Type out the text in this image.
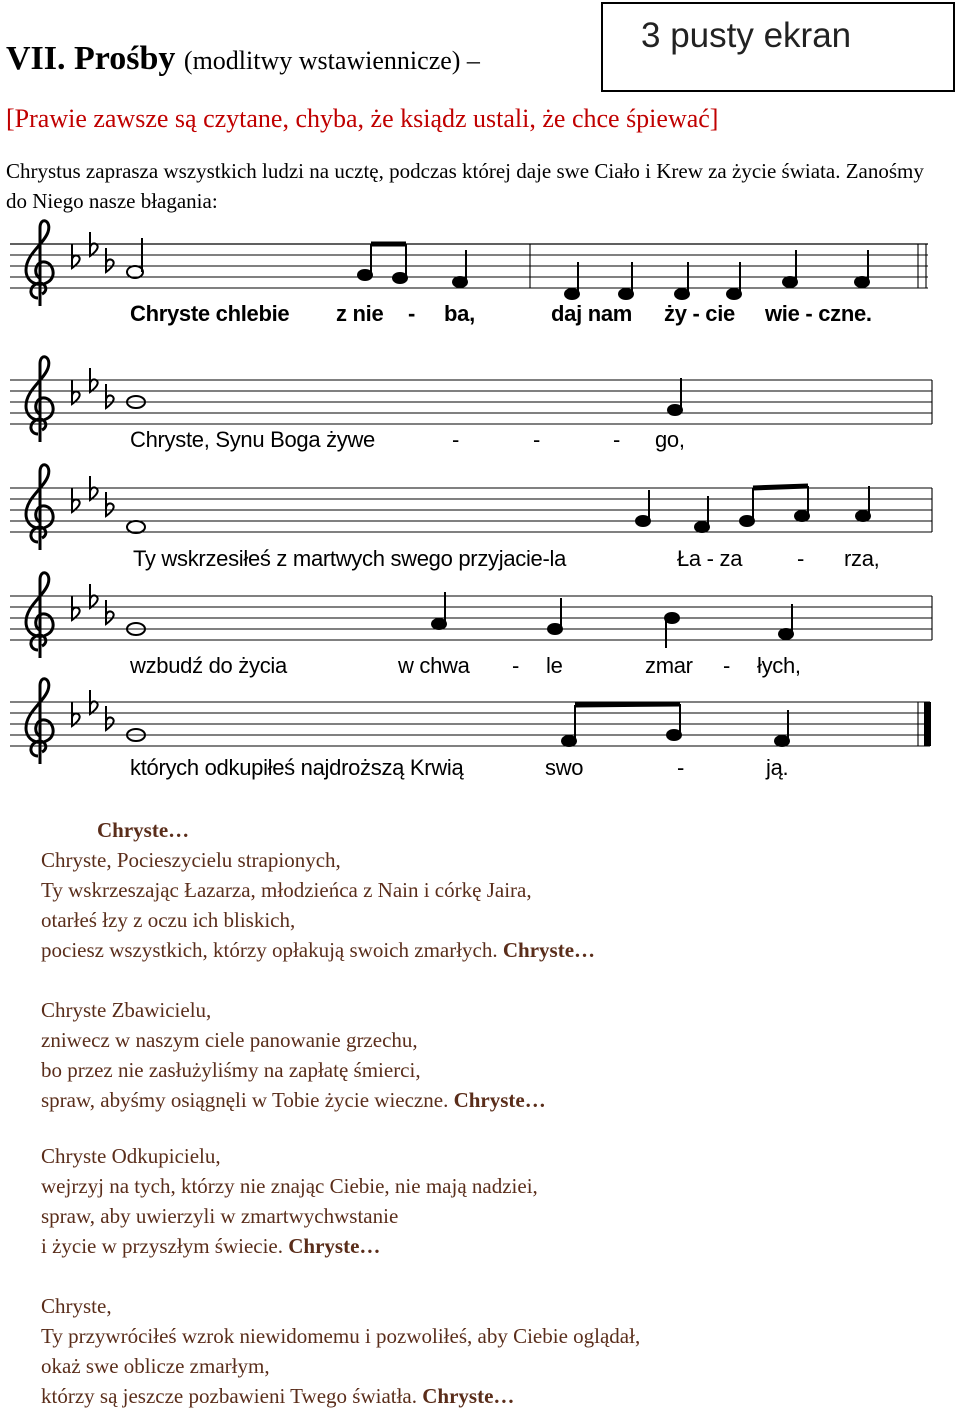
3 pusty ekran
VII. Prośby (modlitwy wstawiennicze) –
[Prawie zawsze są czytane, chyba, że ksiądz ustali, że chce śpiewać]
Chrystus zaprasza wszystkich ludzi na ucztę, podczas której daje swe Ciało i Krew za życie świata. Zanośmy do Niego nasze błagania:
Chryste chlebie z nie - ba,	daj nam ży - cie wie - czne.
Chryste, Synu Boga żywe	-	-	- go,
Ty wskrzesiłeś z martwych swego przyjacie-la	Ła - za - rza,
wzbudź do życia	w chwa - le	zmar - łych,
których odkupiłeś najdroższą Krwią	swo	-	ją.
Chryste…
Chryste, Pocieszycielu strapionych,
Ty wskrzeszając Łazarza, młodzieńca z Nain i córkę Jaira,
otarłeś łzy z oczu ich bliskich,
pociesz wszystkich, którzy opłakują swoich zmarłych. Chryste…
Chryste Zbawicielu,
zniwecz w naszym ciele panowanie grzechu,
bo przez nie zasłużyliśmy na zapłatę śmierci,
spraw, abyśmy osiągnęli w Tobie życie wieczne. Chryste…
Chryste Odkupicielu,
wejrzyj na tych, którzy nie znając Ciebie, nie mają nadziei,
spraw, aby uwierzyli w zmartwychwstanie
i życie w przyszłym świecie. Chryste…
Chryste,
Ty przywróciłeś wzrok niewidomemu i pozwoliłeś, aby Ciebie oglądał,
okaż swe oblicze zmarłym,
którzy są jeszcze pozbawieni Twego światła. Chryste…
